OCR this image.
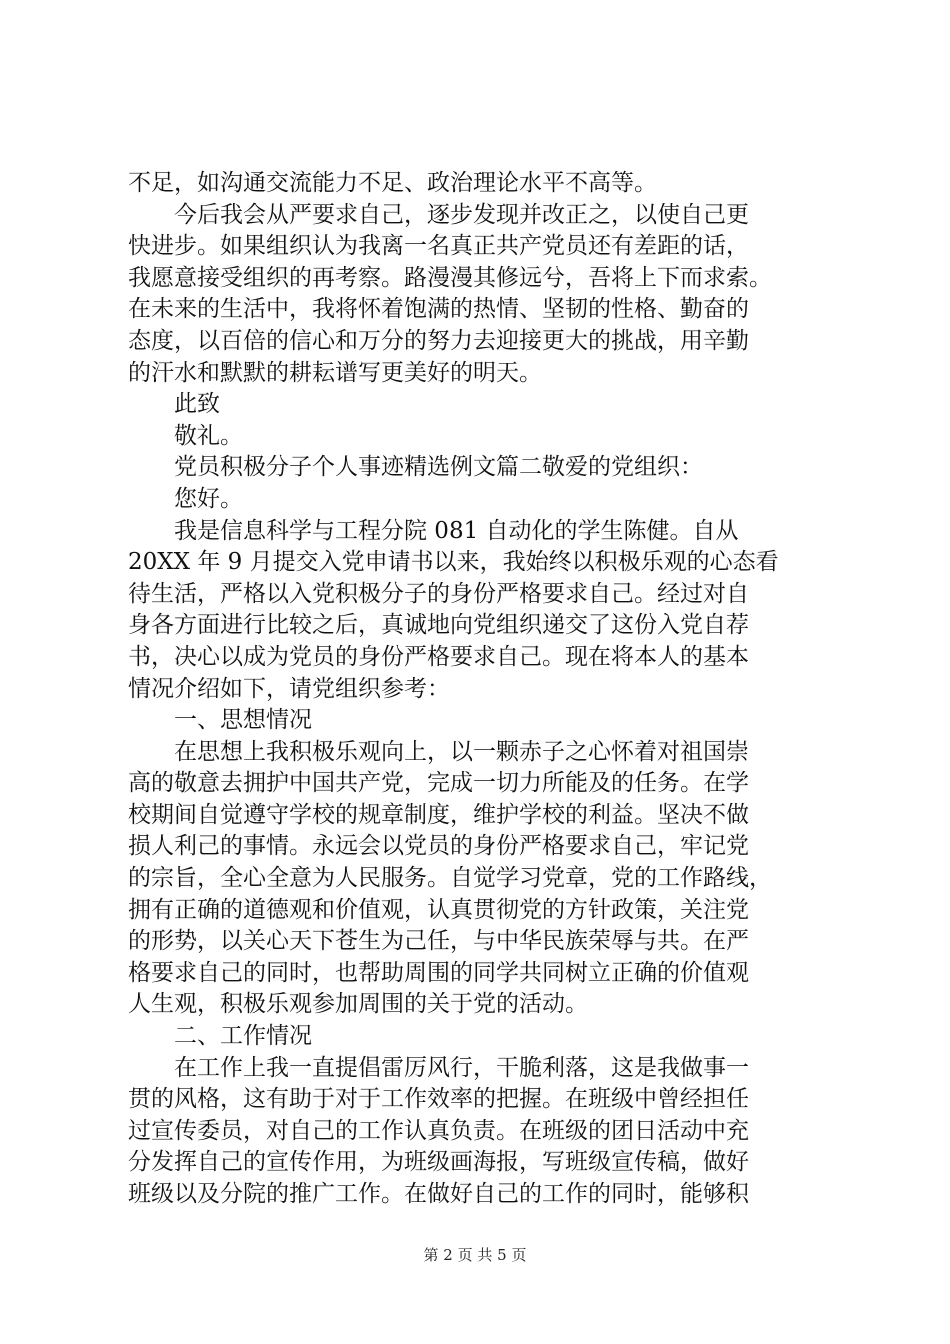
不足，如沟通交流能力不足、政治理论水平不高等。
今后我会从严要求自己，逐步发现并改正之，以使自己更
快进步。如果组织认为我离一名真正共产党员还有差距的话，
我愿意接受组织的再考察。路漫漫其修远兮，吾将上下而求索。
在未来的生活中，我将怀着饱满的热情、坚韧的性格、勤奋的
态度，以百倍的信心和万分的努力去迎接更大的挑战，用辛勤
的汗水和默默的耕耘谱写更美好的明天。
此致
敬礼。
党员积极分子个人事迹精选例文篇二敬爱的党组织：
您好。
我是信息科学与工程分院 081 自动化的学生陈健。自从
20XX 年 9 月提交入党申请书以来，我始终以积极乐观的心态看
待生活，严格以入党积极分子的身份严格要求自己。经过对自
身各方面进行比较之后，真诚地向党组织递交了这份入党自荐
书，决心以成为党员的身份严格要求自己。现在将本人的基本
情况介绍如下，请党组织参考：
一、思想情况
在思想上我积极乐观向上，以一颗赤子之心怀着对祖国崇
高的敬意去拥护中国共产党，完成一切力所能及的任务。在学
校期间自觉遵守学校的规章制度，维护学校的利益。坚决不做
损人利己的事情。永远会以党员的身份严格要求自己，牢记党
的宗旨，全心全意为人民服务。自觉学习党章，党的工作路线，
拥有正确的道德观和价值观，认真贯彻党的方针政策，关注党
的形势，以关心天下苍生为己任，与中华民族荣辱与共。在严
格要求自己的同时，也帮助周围的同学共同树立正确的价值观
人生观，积极乐观参加周围的关于党的活动。
二、工作情况
在工作上我一直提倡雷厉风行，干脆利落，这是我做事一
贯的风格，这有助于对于工作效率的把握。在班级中曾经担任
过宣传委员，对自己的工作认真负责。在班级的团日活动中充
分发挥自己的宣传作用，为班级画海报，写班级宣传稿，做好
班级以及分院的推广工作。在做好自己的工作的同时，能够积
第 2 页 共 5 页
